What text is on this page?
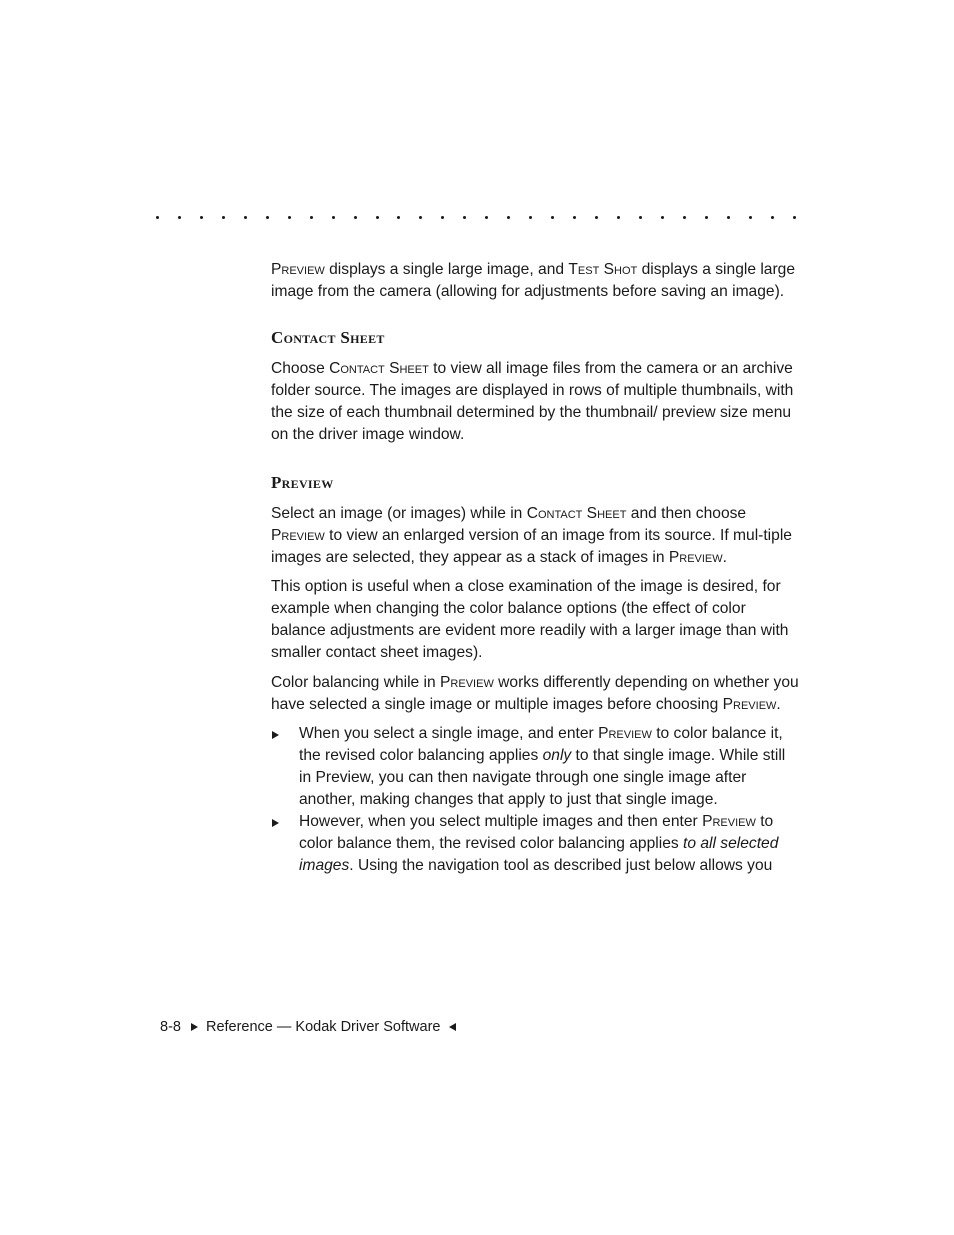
Preview displays a single large image, and Test Shot displays a single large image from the camera (allowing for adjustments before saving an image).

Contact Sheet

Choose Contact Sheet to view all image files from the camera or an archive folder source. The images are displayed in rows of multiple thumbnails, with the size of each thumbnail determined by the thumbnail/ preview size menu on the driver image window.

Preview

Select an image (or images) while in Contact Sheet and then choose Preview to view an enlarged version of an image from its source. If mul-tiple images are selected, they appear as a stack of images in Preview.

This option is useful when a close examination of the image is desired, for example when changing the color balance options (the effect of color balance adjustments are evident more readily with a larger image than with smaller contact sheet images).

Color balancing while in Preview works differently depending on whether you have selected a single image or multiple images before choosing Preview.

When you select a single image, and enter Preview to color balance it, the revised color balancing applies only to that single image. While still in Preview, you can then navigate through one single image after another, making changes that apply to just that single image.
However, when you select multiple images and then enter Preview to color balance them, the revised color balancing applies to all selected images. Using the navigation tool as described just below allows you
8-8 Reference — Kodak Driver Software
